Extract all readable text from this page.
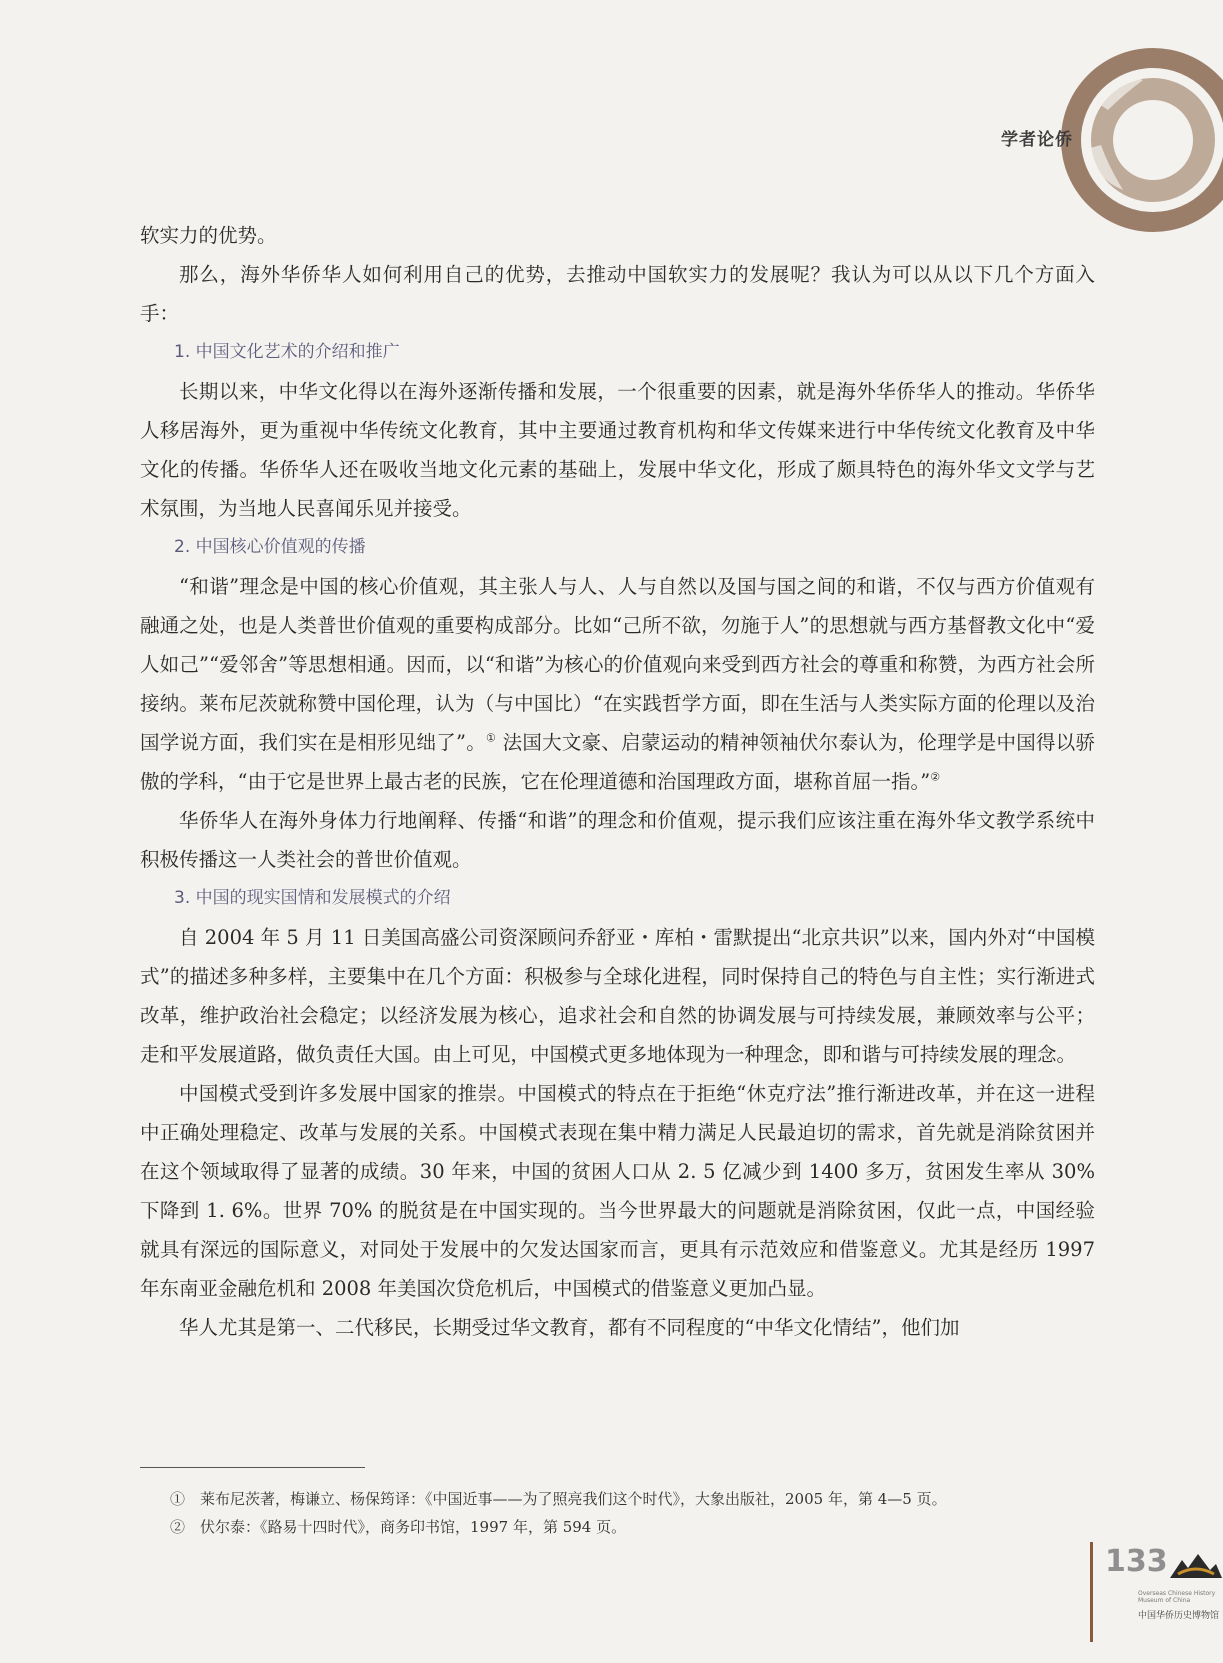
学者论侨

软实力的优势。

那么，海外华侨华人如何利用自己的优势，去推动中国软实力的发展呢？我认为可以从以下几个方面入手：

1. 中国文化艺术的介绍和推广

长期以来，中华文化得以在海外逐渐传播和发展，一个很重要的因素，就是海外华侨华人的推动。华侨华人移居海外，更为重视中华传统文化教育，其中主要通过教育机构和华文传媒来进行中华传统文化教育及中华文化的传播。华侨华人还在吸收当地文化元素的基础上，发展中华文化，形成了颇具特色的海外华文文学与艺术氛围，为当地人民喜闻乐见并接受。

2. 中国核心价值观的传播

“和谐”理念是中国的核心价值观，其主张人与人、人与自然以及国与国之间的和谐，不仅与西方价值观有融通之处，也是人类普世价值观的重要构成部分。比如“己所不欲，勿施于人”的思想就与西方基督教文化中“爱人如己”“爱邻舍”等思想相通。因而，以“和谐”为核心的价值观向来受到西方社会的尊重和称赞，为西方社会所接纳。莱布尼茨就称赞中国伦理，认为（与中国比）“在实践哲学方面，即在生活与人类实际方面的伦理以及治国学说方面，我们实在是相形见绌了”。① 法国大文豪、启蒙运动的精神领袖伏尔泰认为，伦理学是中国得以骄傲的学科，“由于它是世界上最古老的民族，它在伦理道德和治国理政方面，堪称首屈一指。”②

华侨华人在海外身体力行地阐释、传播“和谐”的理念和价值观，提示我们应该注重在海外华文教学系统中积极传播这一人类社会的普世价值观。

3. 中国的现实国情和发展模式的介绍

自 2004 年 5 月 11 日美国高盛公司资深顾问乔舒亚・库柏・雷默提出“北京共识”以来，国内外对“中国模式”的描述多种多样，主要集中在几个方面：积极参与全球化进程，同时保持自己的特色与自主性；实行渐进式改革，维护政治社会稳定；以经济发展为核心，追求社会和自然的协调发展与可持续发展，兼顾效率与公平；走和平发展道路，做负责任大国。由上可见，中国模式更多地体现为一种理念，即和谐与可持续发展的理念。

中国模式受到许多发展中国家的推崇。中国模式的特点在于拒绝“休克疗法”推行渐进改革，并在这一进程中正确处理稳定、改革与发展的关系。中国模式表现在集中精力满足人民最迫切的需求，首先就是消除贫困并在这个领域取得了显著的成绩。30 年来，中国的贫困人口从 2. 5 亿减少到 1400 多万，贫困发生率从 30% 下降到 1. 6%。世界 70% 的脱贫是在中国实现的。当今世界最大的问题就是消除贫困，仅此一点，中国经验就具有深远的国际意义，对同处于发展中的欠发达国家而言，更具有示范效应和借鉴意义。尤其是经历 1997 年东南亚金融危机和 2008 年美国次贷危机后，中国模式的借鉴意义更加凸显。

华人尤其是第一、二代移民，长期受过华文教育，都有不同程度的“中华文化情结”，他们加

①　莱布尼茨著，梅谦立、杨保筠译：《中国近事——为了照亮我们这个时代》，大象出版社，2005 年，第 4—5 页。

②　伏尔泰：《路易十四时代》，商务印书馆，1997 年，第 594 页。

133
Overseas Chinese History Museum of China
中国华侨历史博物馆
